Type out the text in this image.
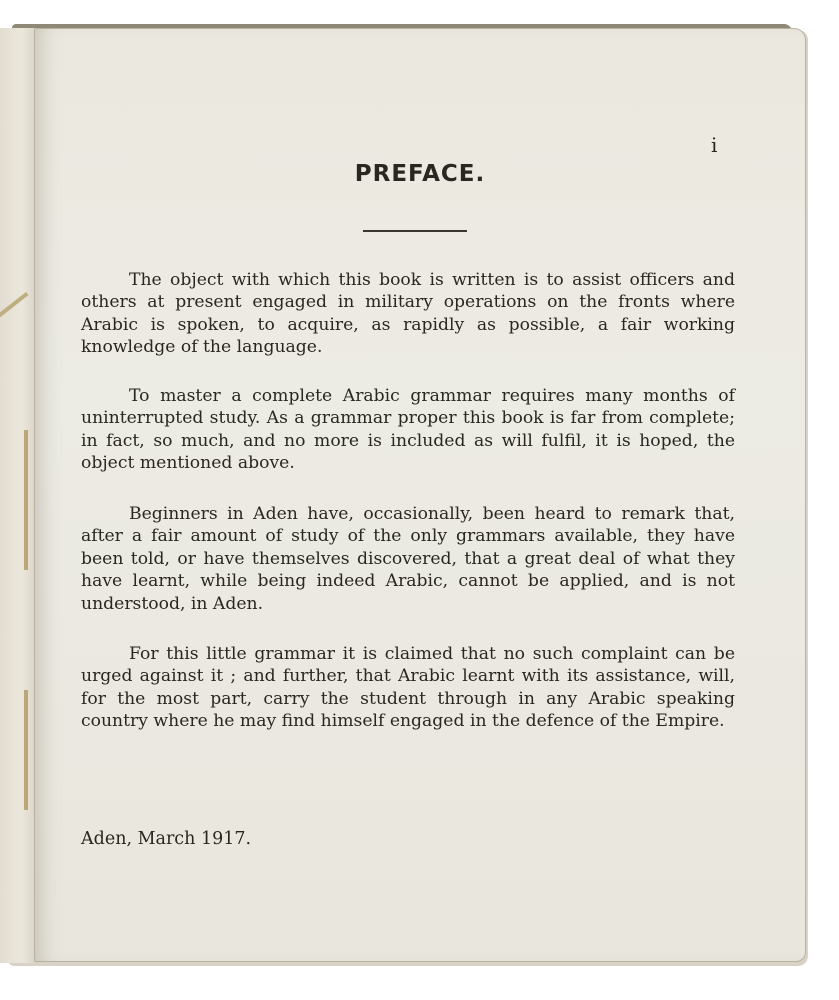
i
PREFACE.

The object with which this book is written is to assist officers and others at present engaged in military operations on the fronts where Arabic is spoken, to acquire, as rapidly as possible, a fair working knowledge of the language.

To master a complete Arabic grammar requires many months of uninterrupted study. As a grammar proper this book is far from complete; in fact, so much, and no more is included as will fulfil, it is hoped, the object mentioned above.

Beginners in Aden have, occasionally, been heard to remark that, after a fair amount of study of the only grammars available, they have been told, or have themselves discovered, that a great deal of what they have learnt, while being indeed Arabic, cannot be applied, and is not understood, in Aden.

For this little grammar it is claimed that no such complaint can be urged against it ; and further, that Arabic learnt with its assistance, will, for the most part, carry the student through in any Arabic speaking country where he may find himself engaged in the defence of the Empire.

Aden, March 1917.
